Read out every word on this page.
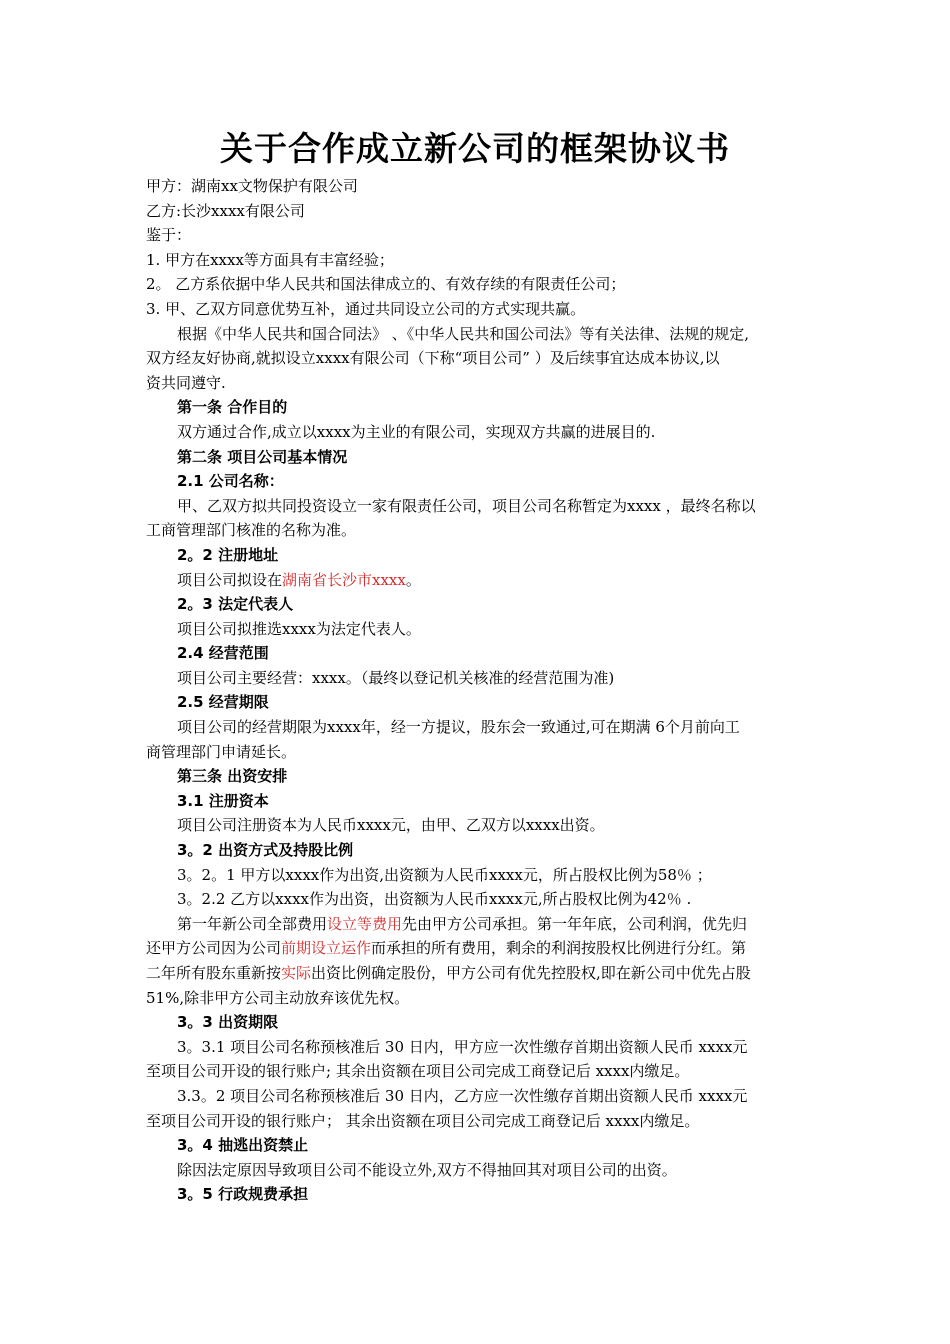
关于合作成立新公司的框架协议书

甲方：湖南xx文物保护有限公司

乙方:长沙xxxx有限公司

鉴于：

1. 甲方在xxxx等方面具有丰富经验；

2。 乙方系依据中华人民共和国法律成立的、有效存续的有限责任公司；

3. 甲、乙双方同意优势互补，通过共同设立公司的方式实现共赢。

根据《中华人民共和国合同法》 、《中华人民共和国公司法》等有关法律、法规的规定,

双方经友好协商,就拟设立xxxx有限公司（下称“项目公司” ）及后续事宜达成本协议,以

资共同遵守.

第一条 合作目的

双方通过合作,成立以xxxx为主业的有限公司，实现双方共赢的进展目的.

第二条 项目公司基本情况

2.1 公司名称：

甲、乙双方拟共同投资设立一家有限责任公司，项目公司名称暂定为xxxx ，最终名称以

工商管理部门核准的名称为准。

2。2 注册地址

项目公司拟设在湖南省长沙市xxxx。

2。3 法定代表人

项目公司拟推选xxxx为法定代表人。

2.4 经营范围

项目公司主要经营：xxxx。（最终以登记机关核准的经营范围为准)

2.5 经营期限

项目公司的经营期限为xxxx年，经一方提议，股东会一致通过,可在期满 6个月前向工

商管理部门申请延长。

第三条 出资安排

3.1 注册资本

项目公司注册资本为人民币xxxx元，由甲、乙双方以xxxx出资。

3。2 出资方式及持股比例

3。2。1 甲方以xxxx作为出资,出资额为人民币xxxx元，所占股权比例为58％ ；

3。2.2 乙方以xxxx作为出资，出资额为人民币xxxx元,所占股权比例为42％ .

第一年新公司全部费用设立等费用先由甲方公司承担。第一年年底，公司利润，优先归

还甲方公司因为公司前期设立运作而承担的所有费用，剩余的利润按股权比例进行分红。第

二年所有股东重新按实际出资比例确定股份，甲方公司有优先控股权,即在新公司中优先占股

51%,除非甲方公司主动放弃该优先权。

3。3 出资期限

3。3.1 项目公司名称预核准后 30 日内，甲方应一次性缴存首期出资额人民币 xxxx元

至项目公司开设的银行账户; 其余出资额在项目公司完成工商登记后 xxxx内缴足。

3.3。2 项目公司名称预核准后 30 日内，乙方应一次性缴存首期出资额人民币 xxxx元

至项目公司开设的银行账户； 其余出资额在项目公司完成工商登记后 xxxx内缴足。

3。4 抽逃出资禁止

除因法定原因导致项目公司不能设立外,双方不得抽回其对项目公司的出资。

3。5 行政规费承担
